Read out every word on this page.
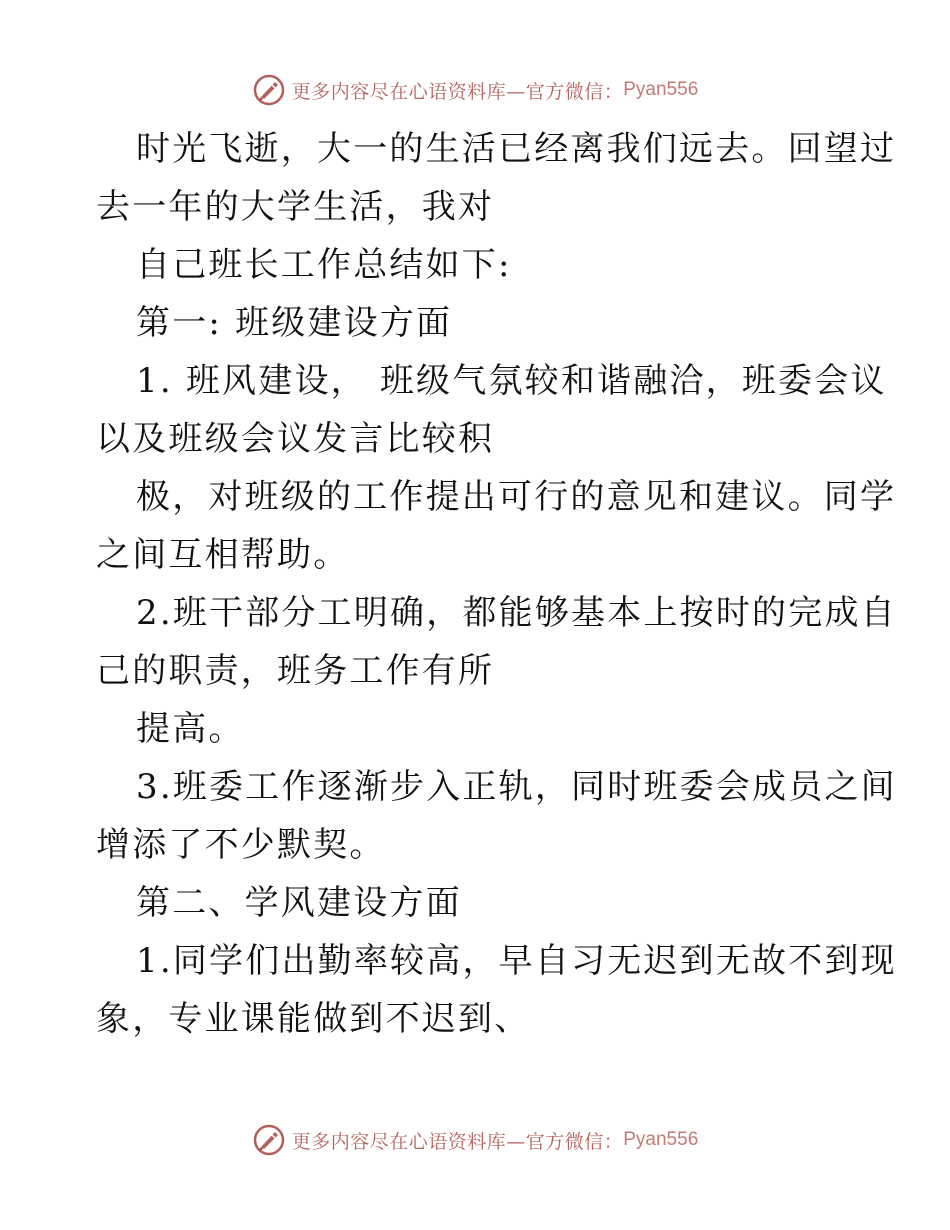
更多内容尽在心语资料库—官方微信： Pyan556
时光飞逝，大一的生活已经离我们远去。回望过
去一年的大学生活，我对
自己班长工作总结如下:
第一: 班级建设方面
1. 班风建设， 班级气氛较和谐融洽，班委会议
以及班级会议发言比较积
极，对班级的工作提出可行的意见和建议。同学
之间互相帮助。
2.班干部分工明确，都能够基本上按时的完成自
己的职责，班务工作有所
提高。
3.班委工作逐渐步入正轨，同时班委会成员之间
增添了不少默契。
第二、学风建设方面
1.同学们出勤率较高，早自习无迟到无故不到现
象，专业课能做到不迟到、
更多内容尽在心语资料库—官方微信： Pyan556
